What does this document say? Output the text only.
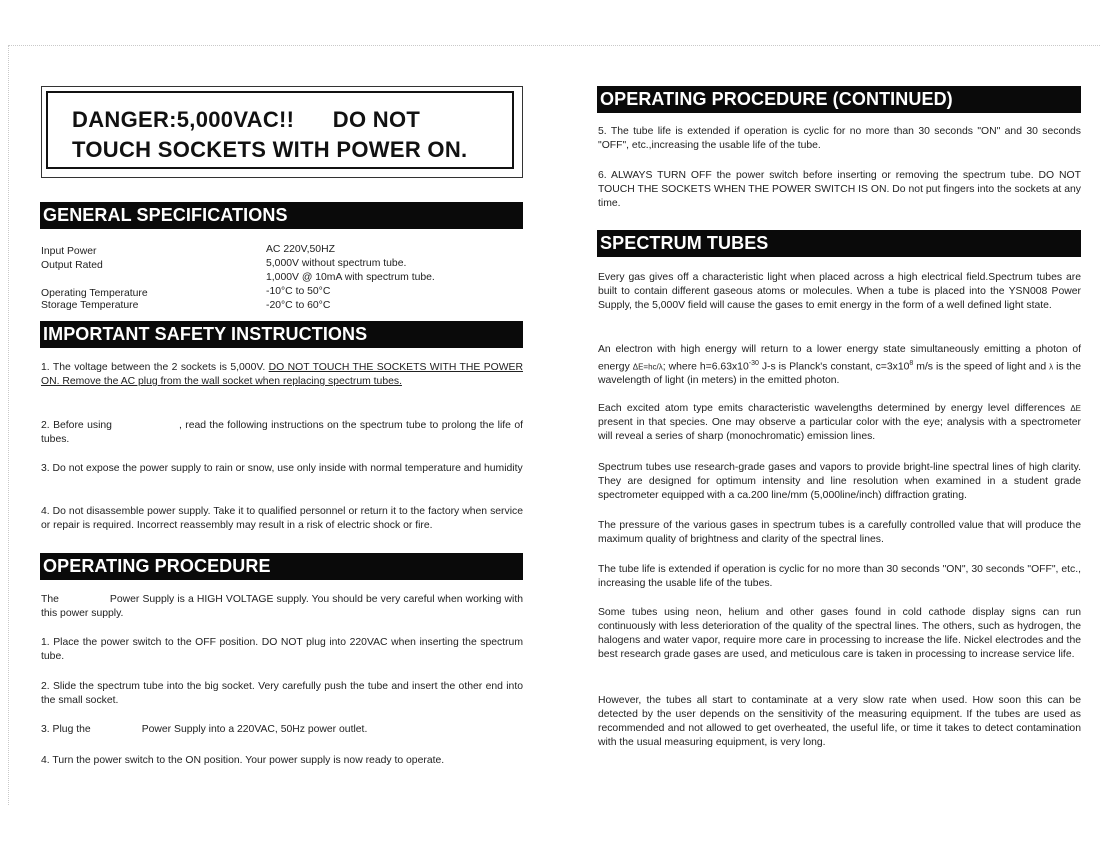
DANGER:5,000VAC!!      DO NOT
TOUCH SOCKETS WITH POWER ON.
GENERAL SPECIFICATIONS
Input Power	AC 220V,50HZ
Output Rated	5,000V without spectrum tube.
1,000V @ 10mA with spectrum tube.
Operating Temperature	-10°C to 50°C
Storage Temperature	-20°C to 60°C
IMPORTANT SAFETY INSTRUCTIONS

1. The voltage between the 2 sockets is 5,000V. DO NOT TOUCH THE SOCKETS WITH THE POWER ON. Remove the AC plug from the wall socket when replacing spectrum tubes.

2. Before using	, read the following instructions on the spectrum tube to prolong the life of tubes.

3. Do not expose the power supply to rain or snow, use only inside with normal temperature and humidity

4. Do not disassemble power supply. Take it to qualified personnel or return it to the factory when service or repair is required. Incorrect reassembly may result in a risk of electric shock or fire.

OPERATING PROCEDURE

The	Power Supply is a HIGH VOLTAGE supply. You should be very careful when working with this power supply.

1. Place the power switch to the OFF position. DO NOT plug into 220VAC when inserting the spectrum tube.

2. Slide the spectrum tube into the big socket. Very carefully push the tube and insert the other end into the small socket.

3. Plug the	Power Supply into a 220VAC, 50Hz power outlet.

4. Turn the power switch to the ON position. Your power supply is now ready to operate.

OPERATING PROCEDURE (CONTINUED)

5. The tube life is extended if operation is cyclic for no more than 30 seconds "ON" and 30 seconds "OFF", etc.,increasing the usable life of the tube.

6. ALWAYS TURN OFF the power switch before inserting or removing the spectrum tube. DO NOT TOUCH THE SOCKETS WHEN THE POWER SWITCH IS ON. Do not put fingers into the sockets at any time.

SPECTRUM TUBES

Every gas gives off a characteristic light when placed across a high electrical field.Spectrum tubes are built to contain different gaseous atoms or molecules. When a tube is placed into the YSN008 Power Supply, the 5,000V field will cause the gases to emit energy in the form of a well defined light state.

An electron with high energy will return to a lower energy state simultaneously emitting a photon of energy ΔE=hc/λ; where $h=6.63x10^{-30}$ J-s is Planck's constant, $c=3x10^8$ m/s is the speed of light and λ is the wavelength of light (in meters) in the emitted photon.

Each excited atom type emits characteristic wavelengths determined by energy level differences ΔE present in that species. One may observe a particular color with the eye; analysis with a spectrometer will reveal a series of sharp (monochromatic) emission lines.

Spectrum tubes use research-grade gases and vapors to provide bright-line spectral lines of high clarity. They are designed for optimum intensity and line resolution when examined in a student grade spectrometer equipped with a ca.200 line/mm (5,000line/inch) diffraction grating.

The pressure of the various gases in spectrum tubes is a carefully controlled value that will produce the maximum quality of brightness and clarity of the spectral lines.

The tube life is extended if operation is cyclic for no more than 30 seconds "ON", 30 seconds "OFF", etc., increasing the usable life of the tubes.

Some tubes using neon, helium and other gases found in cold cathode display signs can run continuously with less deterioration of the quality of the spectral lines. The others, such as hydrogen, the halogens and water vapor, require more care in processing to increase the life. Nickel electrodes and the best research grade gases are used, and meticulous care is taken in processing to increase service life.

However, the tubes all start to contaminate at a very slow rate when used. How soon this can be detected by the user depends on the sensitivity of the measuring equipment. If the tubes are used as recommended and not allowed to get overheated, the useful life, or time it takes to detect contamination with the usual measuring equipment, is very long.
